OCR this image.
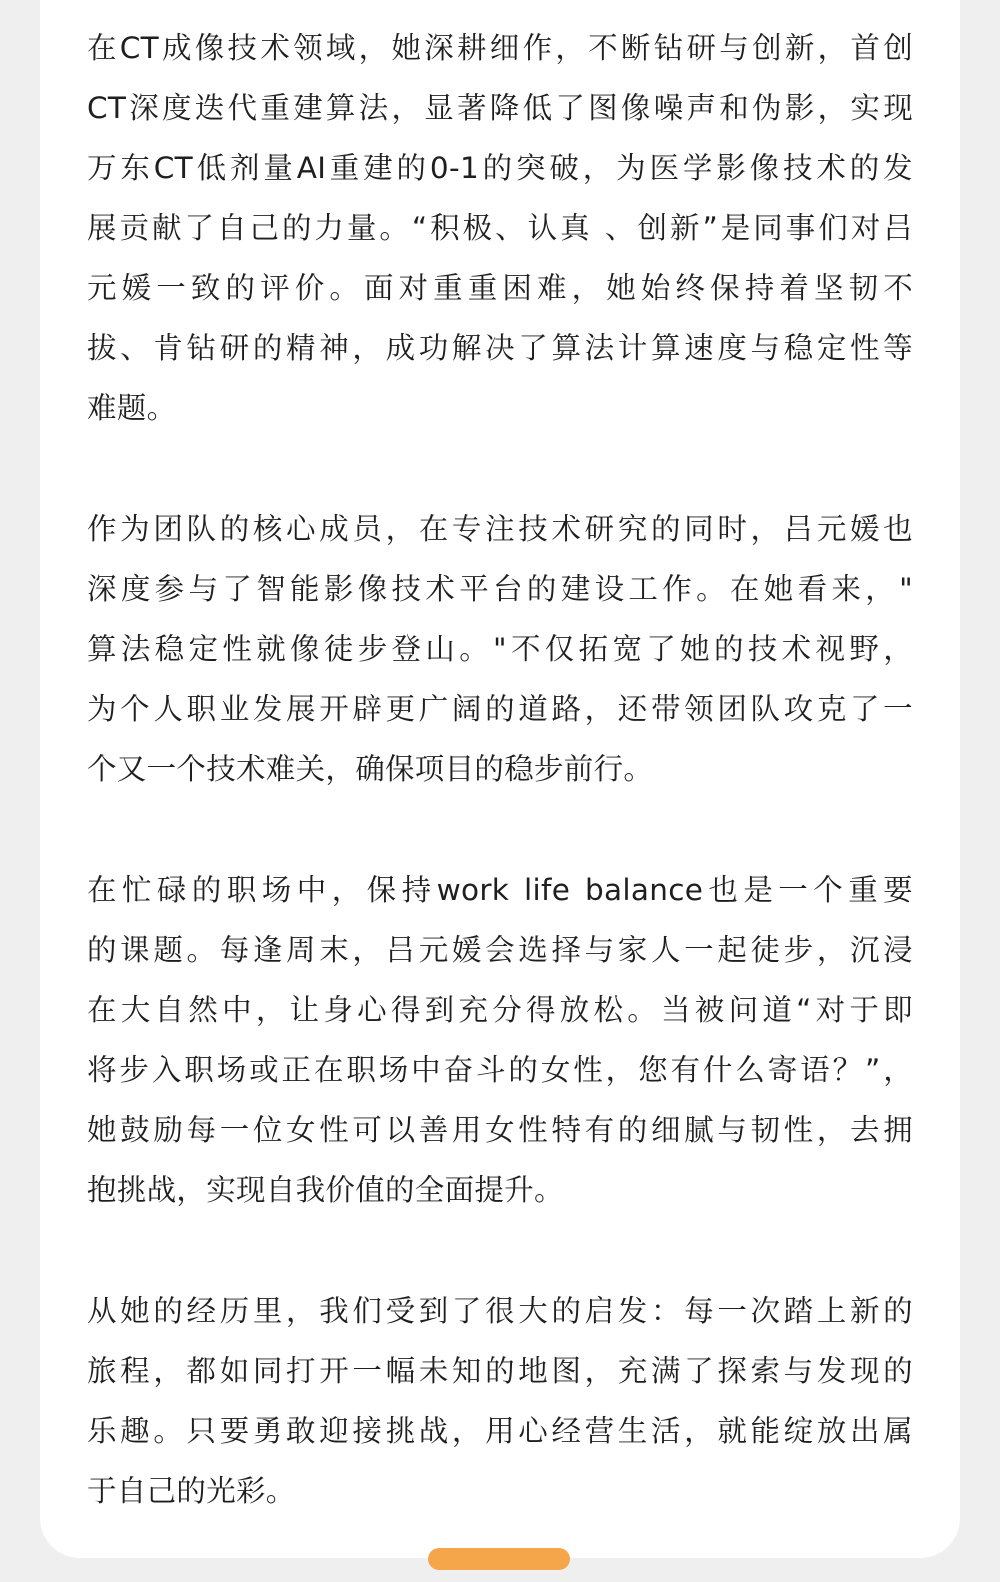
在CT成像技术领域，她深耕细作，不断钻研与创新，首创
CT深度迭代重建算法，显著降低了图像噪声和伪影，实现
万东CT低剂量AI重建的0-1的突破，为医学影像技术的发
展贡献了自己的力量。“积极、认真 、创新”是同事们对吕
元媛一致的评价。面对重重困难，她始终保持着坚韧不
拔、肯钻研的精神，成功解决了算法计算速度与稳定性等
难题。

作为团队的核心成员，在专注技术研究的同时，吕元媛也
深度参与了智能影像技术平台的建设工作。在她看来，"
算法稳定性就像徒步登山。"不仅拓宽了她的技术视野，
为个人职业发展开辟更广阔的道路，还带领团队攻克了一
个又一个技术难关，确保项目的稳步前行。

在忙碌的职场中，保持work life balance也是一个重要
的课题。每逢周末，吕元媛会选择与家人一起徒步，沉浸
在大自然中，让身心得到充分得放松。当被问道“对于即
将步入职场或正在职场中奋斗的女性，您有什么寄语？”，
她鼓励每一位女性可以善用女性特有的细腻与韧性，去拥
抱挑战，实现自我价值的全面提升。

从她的经历里，我们受到了很大的启发：每一次踏上新的
旅程，都如同打开一幅未知的地图，充满了探索与发现的
乐趣。只要勇敢迎接挑战，用心经营生活，就能绽放出属
于自己的光彩。
